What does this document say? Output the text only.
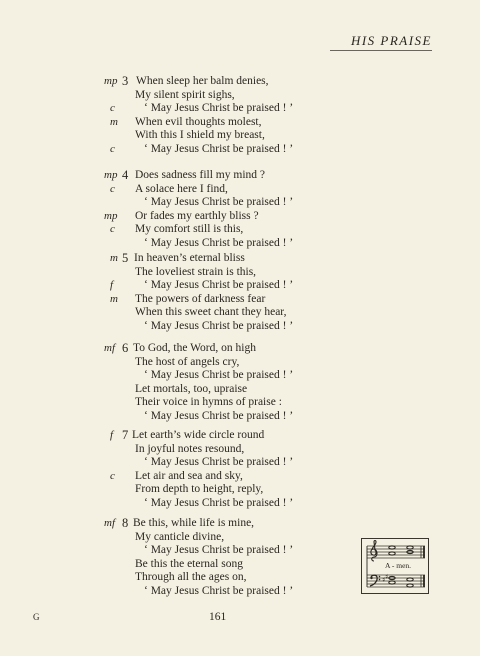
HIS PRAISE
mp 3 When sleep her balm denies,
My silent spirit sighs,
c	‘ May Jesus Christ be praised ! ’
m When evil thoughts molest,
With this I shield my breast,
c	‘ May Jesus Christ be praised ! ’
mp 4 Does sadness fill my mind ?
c A solace here I find,
‘ May Jesus Christ be praised ! ’
mp Or fades my earthly bliss ?
c My comfort still is this,
‘ May Jesus Christ be praised ! ’
m 5 In heaven’s eternal bliss
The loveliest strain is this,
f	‘ May Jesus Christ be praised ! ’
m The powers of darkness fear
When this sweet chant they hear,
‘ May Jesus Christ be praised ! ’
mf 6 To God, the Word, on high
The host of angels cry,
‘ May Jesus Christ be praised ! ’
Let mortals, too, upraise
Their voice in hymns of praise :
‘ May Jesus Christ be praised ! ’
f 7 Let earth’s wide circle round
In joyful notes resound,
‘ May Jesus Christ be praised ! ’
c Let air and sea and sky,
From depth to height, reply,
‘ May Jesus Christ be praised ! ’
mf 8 Be this, while life is mine,
My canticle divine,
‘ May Jesus Christ be praised ! ’
Be this the eternal song
Through all the ages on,
‘ May Jesus Christ be praised ! ’
♯ ♯
A - men.
G	161
